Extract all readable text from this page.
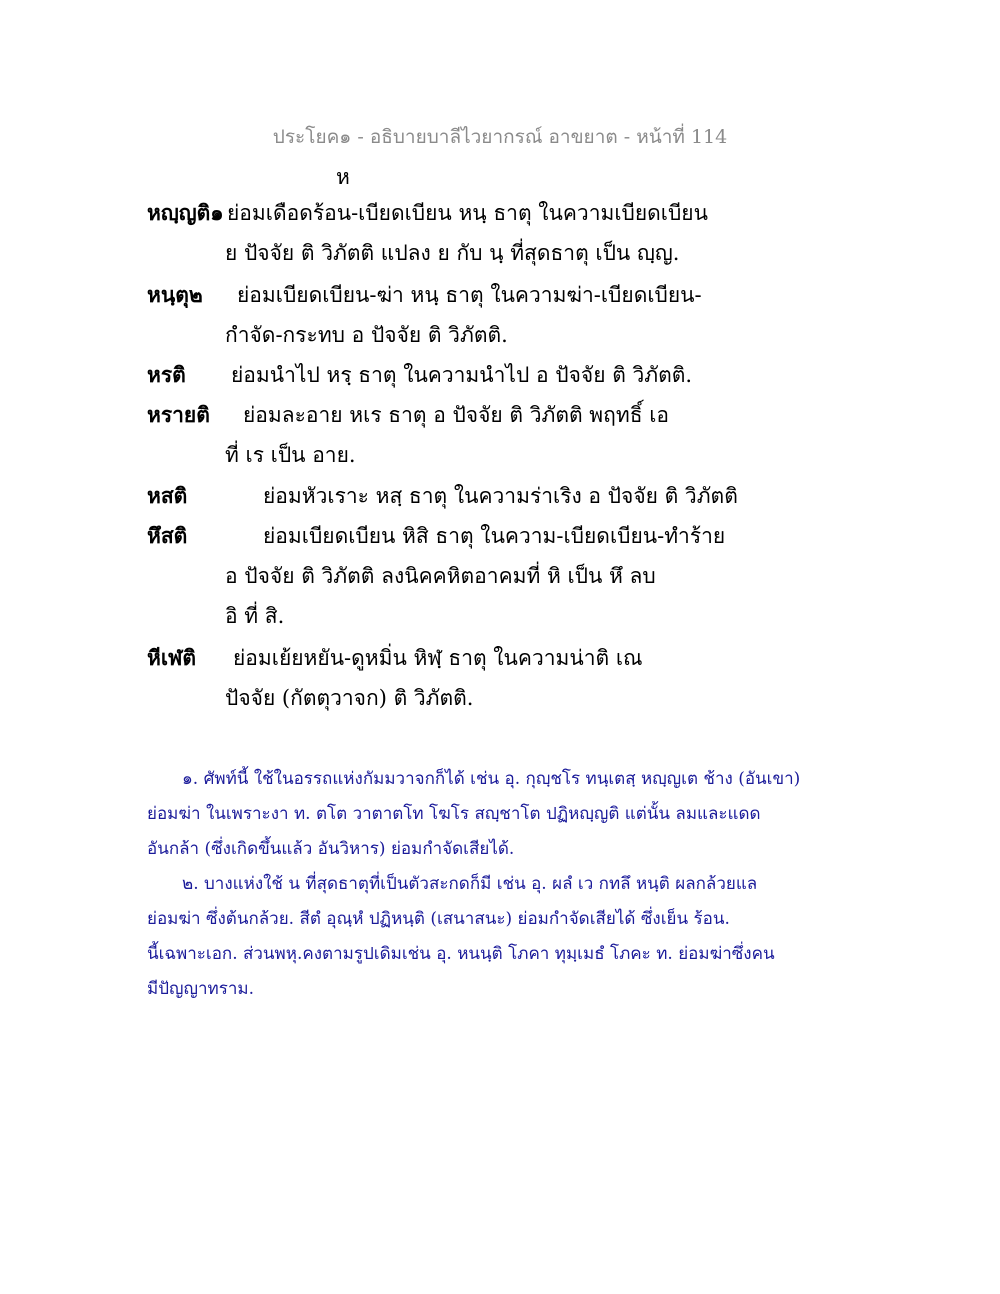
ประโยค๑ - อธิบายบาลีไวยากรณ์ อาขยาต - หน้าที่ 114
ห
หญฺญติ๑ ย่อมเดือดร้อน-เบียดเบียน หนฺ ธาตุ ในความเบียดเบียน
ย ปัจจัย ติ วิภัตติ แปลง ย กับ นฺ ที่สุดธาตุ เป็น ญฺญ.
หนฺตุ๒ ย่อมเบียดเบียน-ฆ่า หนฺ ธาตุ ในความฆ่า-เบียดเบียน-
กำจัด-กระทบ อ ปัจจัย ติ วิภัตติ.
หรติ ย่อมนำไป หรฺ ธาตุ ในความนำไป อ ปัจจัย ติ วิภัตติ.
หรายติ ย่อมละอาย หเร ธาตุ อ ปัจจัย ติ วิภัตติ พฤทธิ์ เอ
ที่ เร เป็น อาย.
หสติ	ย่อมหัวเราะ หสฺ ธาตุ ในความร่าเริง อ ปัจจัย ติ วิภัตติ
หึสติ	ย่อมเบียดเบียน หิสิ ธาตุ ในความ-เบียดเบียน-ทำร้าย
อ ปัจจัย ติ วิภัตติ ลงนิคคหิตอาคมที่ หิ เป็น หึ ลบ
อิ ที่ สิ.
หีเฬติ ย่อมเย้ยหยัน-ดูหมิ่น หิฬฺ ธาตุ ในความน่าติ เณ
ปัจจัย (กัตตุวาจก) ติ วิภัตติ.
๑. ศัพท์นี้ ใช้ในอรรถแห่งกัมมวาจกก็ได้ เช่น อุ. กุญฺชโร ทนฺเตสฺ หญฺญเต ช้าง (อันเขา)
ย่อมฆ่า ในเพราะงา ท. ตโต วาตาตโท โฆโร สญฺชาโต ปฏิหญฺญติ แต่นั้น ลมและแดด
อันกล้า (ซึ่งเกิดขึ้นแล้ว อันวิหาร) ย่อมกำจัดเสียได้.
๒. บางแห่งใช้ น ที่สุดธาตุที่เป็นตัวสะกดก็มี เช่น อุ. ผลํ เว กทลึ หนฺติ ผลกล้วยแล
ย่อมฆ่า ซึ่งต้นกล้วย. สีตํ อุณฺหํ ปฏิหนฺติ (เสนาสนะ) ย่อมกำจัดเสียได้ ซึ่งเย็น ร้อน.
นี้เฉพาะเอก. ส่วนพหุ.คงตามรูปเดิมเช่น อุ. หนนฺติ โภคา ทุมฺเมธํ โภคะ ท. ย่อมฆ่าซึ่งคน
มีปัญญาทราม.
